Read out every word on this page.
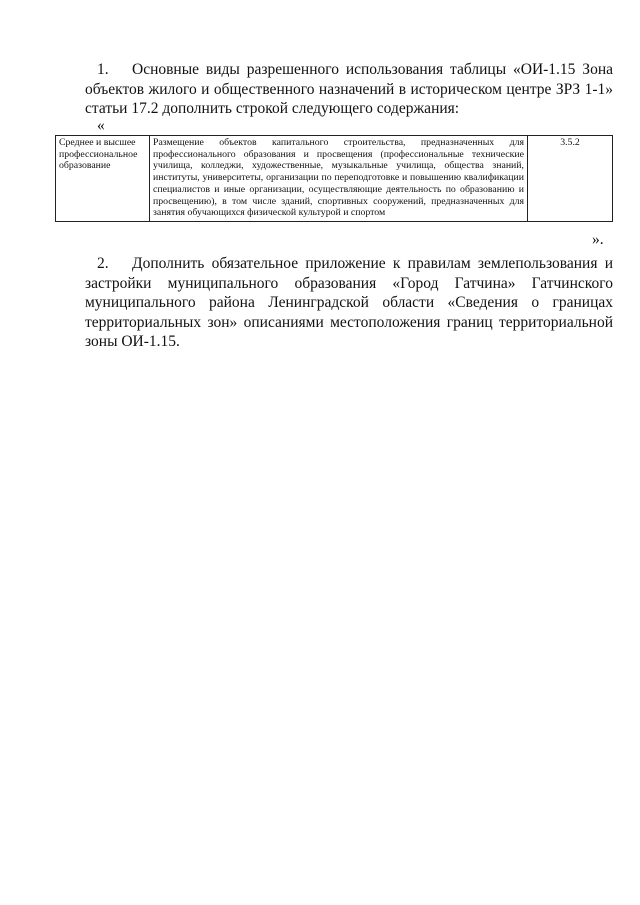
1. Основные виды разрешенного использования таблицы «ОИ-1.15 Зона объектов жилого и общественного назначений в историческом центре ЗРЗ 1-1» статьи 17.2 дополнить строкой следующего содержания:

«
Среднее и высшее профессиональное образование	Размещение объектов капитального строительства, предназначенных для профессионального образования и просвещения (профессиональные технические училища, колледжи, художественные, музыкальные училища, общества знаний, институты, университеты, организации по переподготовке и повышению квалификации специалистов и иные организации, осуществляющие деятельность по образованию и просвещению), в том числе зданий, спортивных сооружений, предназначенных для занятия обучающихся физической культурой и спортом	3.5.2
».

2. Дополнить обязательное приложение к правилам землепользования и застройки муниципального образования «Город Гатчина» Гатчинского муниципального района Ленинградской области «Сведения о границах территориальных зон» описаниями местоположения границ территориальной зоны ОИ-1.15.
